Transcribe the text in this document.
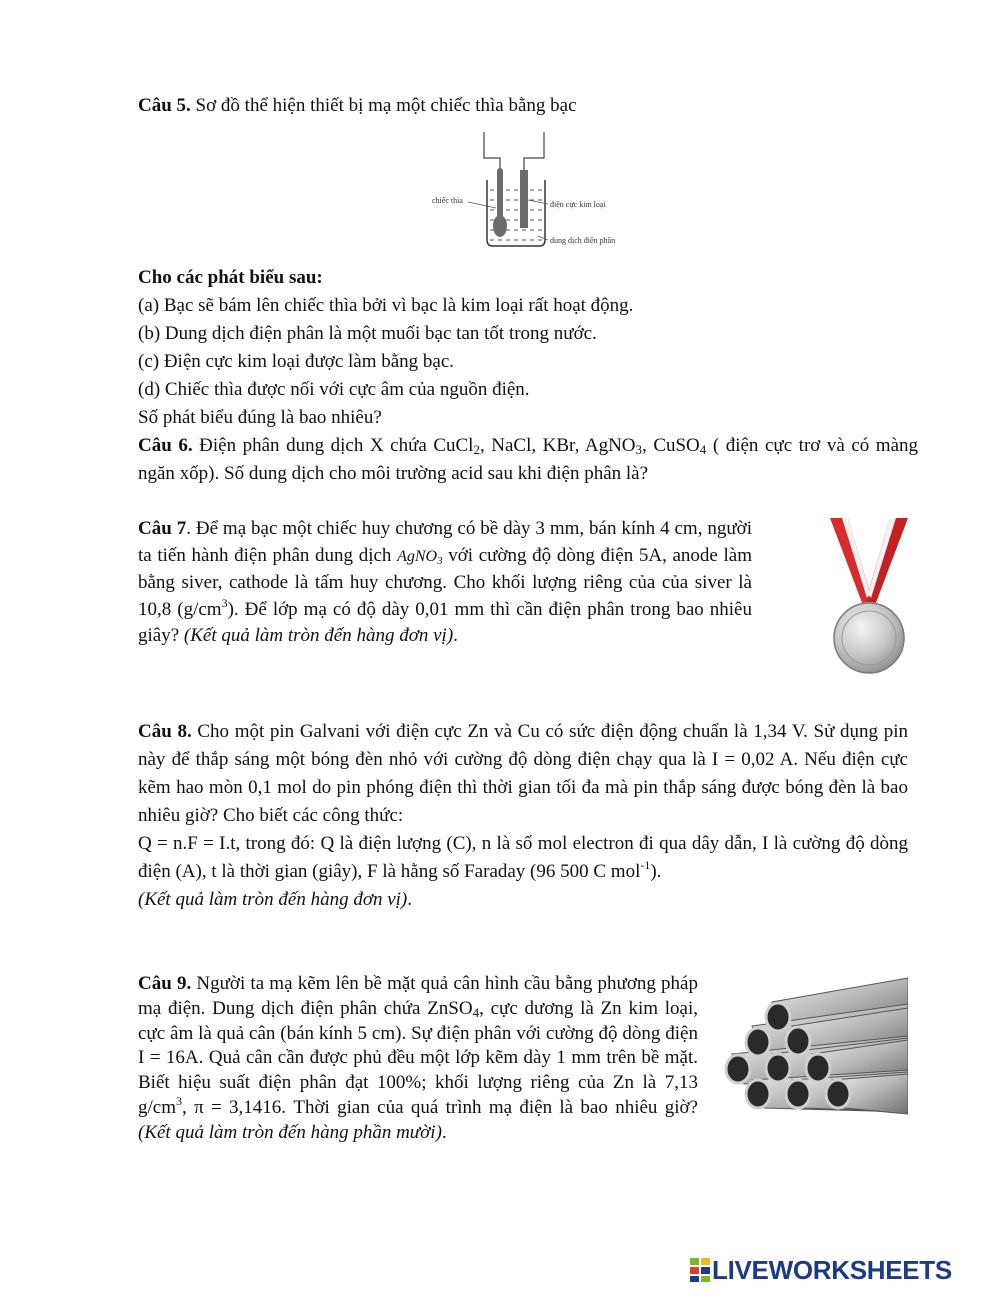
Câu 5. Sơ đồ thể hiện thiết bị mạ một chiếc thìa bằng bạc

chiếc thìa	điện cực kim loại
dung dịch điện phân

Cho các phát biểu sau:

(a) Bạc sẽ bám lên chiếc thìa bởi vì bạc là kim loại rất hoạt động.

(b) Dung dịch điện phân là một muối bạc tan tốt trong nước.

(c) Điện cực kim loại được làm bằng bạc.

(d) Chiếc thìa được nối với cực âm của nguồn điện.

Số phát biểu đúng là bao nhiêu?

Câu 6. Điện phân dung dịch X chứa CuCl$_2$, NaCl, KBr, AgNO$_3$, CuSO$_4$ ( điện cực trơ và có màng ngăn xốp). Số dung dịch cho môi trường acid sau khi điện phân là?

Câu 7. Để mạ bạc một chiếc huy chương có bề dày 3 mm, bán kính 4 cm, người ta tiến hành điện phân dung dịch AgNO$_3$ với cường độ dòng điện 5A, anode làm bằng siver, cathode là tấm huy chương. Cho khối lượng riêng của của siver là 10,8 $(g/cm^3)$. Để lớp mạ có độ dày 0,01 mm thì cần điện phân trong bao nhiêu giây? (Kết quả làm tròn đến hàng đơn vị).

Câu 8. Cho một pin Galvani với điện cực Zn và Cu có sức điện động chuẩn là 1,34 V. Sử dụng pin này để thắp sáng một bóng đèn nhỏ với cường độ dòng điện chạy qua là I = 0,02 A. Nếu điện cực kẽm hao mòn 0,1 mol do pin phóng điện thì thời gian tối đa mà pin thắp sáng được bóng đèn là bao nhiêu giờ? Cho biết các công thức:

Q = n.F = I.t, trong đó: Q là điện lượng (C), n là số mol electron đi qua dây dẫn, I là cường độ dòng điện (A), t là thời gian (giây), F là hằng số Faraday (96 500 C mol$^{-1}$).

(Kết quả làm tròn đến hàng đơn vị).

Câu 9. Người ta mạ kẽm lên bề mặt quả cân hình cầu bằng phương pháp mạ điện. Dung dịch điện phân chứa ZnSO$_4$, cực dương là Zn kim loại, cực âm là quả cân (bán kính 5 cm). Sự điện phân với cường độ dòng điện I = 16A. Quả cân cần được phủ đều một lớp kẽm dày 1 mm trên bề mặt. Biết hiệu suất điện phân đạt 100%; khối lượng riêng của Zn là 7,13 $g/cm^3$, π = 3,1416. Thời gian của quá trình mạ điện là bao nhiêu giờ? (Kết quả làm tròn đến hàng phần mười).

LIVEWORKSHEETS
